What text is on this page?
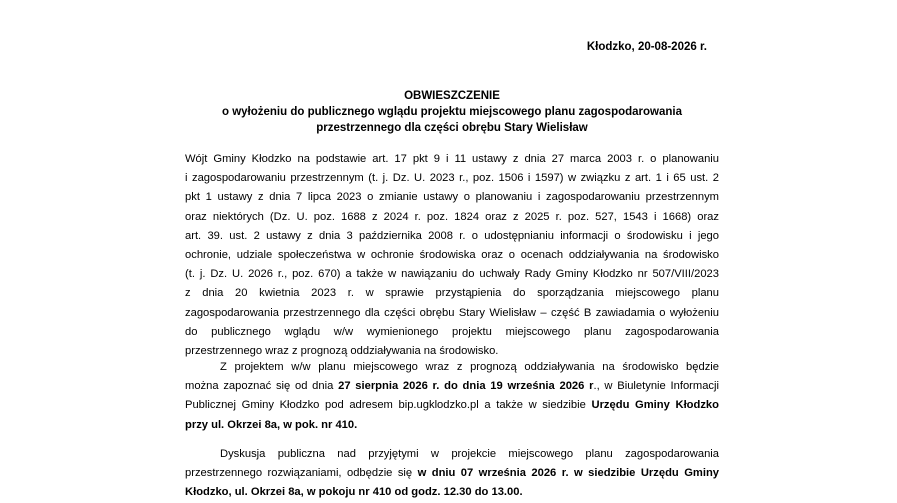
Kłodzko, 20-08-2026 r.
OBWIESZCZENIE
o wyłożeniu do publicznego wglądu projektu miejscowego planu zagospodarowania
przestrzennego dla części obrębu Stary Wielisław
Wójt Gminy Kłodzko na podstawie art. 17 pkt 9 i 11 ustawy z dnia 27 marca 2003 r. o planowaniu
i zagospodarowaniu przestrzennym (t. j. Dz. U. 2023 r., poz. 1506 i 1597) w związku z art. 1 i 65 ust. 2
pkt 1 ustawy z dnia 7 lipca 2023 o zmianie ustawy o planowaniu i zagospodarowaniu przestrzennym
oraz niektórych (Dz. U. poz. 1688 z 2024 r. poz. 1824 oraz z 2025 r. poz. 527, 1543 i 1668) oraz
art. 39. ust. 2 ustawy z dnia 3 października 2008 r. o udostępnianiu informacji o środowisku i jego
ochronie, udziale społeczeństwa w ochronie środowiska oraz o ocenach oddziaływania na środowisko
(t. j. Dz. U. 2026 r., poz. 670) a także w nawiązaniu do uchwały Rady Gminy Kłodzko nr 507/VIII/2023
z dnia 20 kwietnia 2023 r. w sprawie przystąpienia do sporządzania miejscowego planu
zagospodarowania przestrzennego dla części obrębu Stary Wielisław – część B zawiadamia o wyłożeniu
do publicznego wglądu w/w wymienionego projektu miejscowego planu zagospodarowania
przestrzennego wraz z prognozą oddziaływania na środowisko.
Z projektem w/w planu miejscowego wraz z prognozą oddziaływania na środowisko będzie
można zapoznać się od dnia 27 sierpnia 2026 r. do dnia 19 września 2026 r., w Biuletynie Informacji
Publicznej Gminy Kłodzko pod adresem bip.ugklodzko.pl a także w siedzibie Urzędu Gminy Kłodzko
przy ul. Okrzei 8a, w pok. nr 410.
Dyskusja publiczna nad przyjętymi w projekcie miejscowego planu zagospodarowania
przestrzennego rozwiązaniami, odbędzie się w dniu 07 września 2026 r. w siedzibie Urzędu Gminy
Kłodzko, ul. Okrzei 8a, w pokoju nr 410 od godz. 12.30 do 13.00.
